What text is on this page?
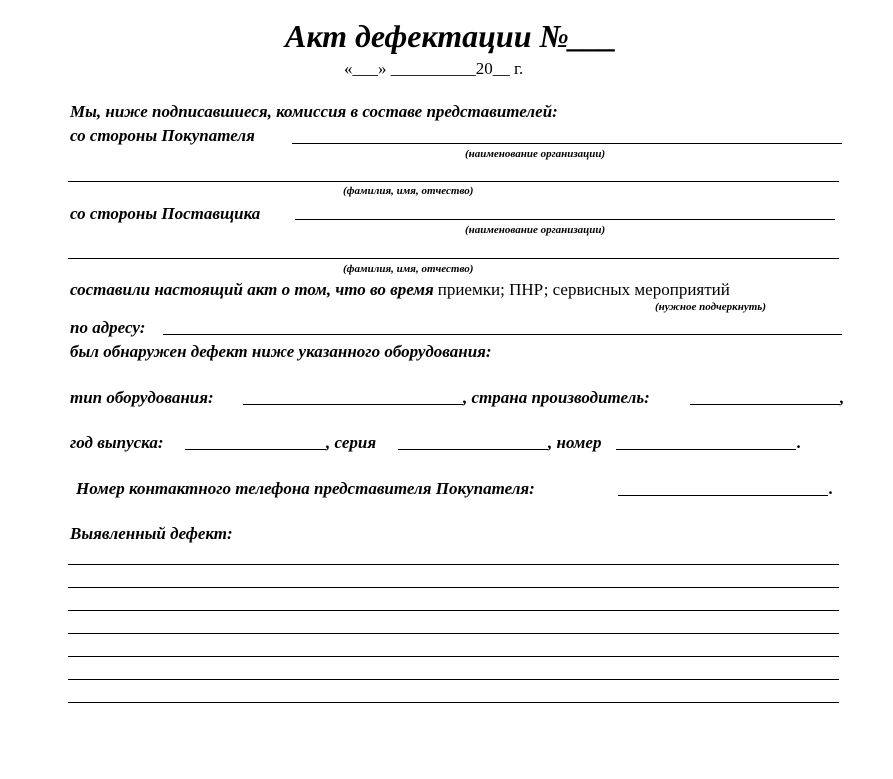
Акт дефектации №___
«___» __________20__ г.
Мы, ниже подписавшиеся, комиссия в составе представителей:
со стороны Покупателя
(наименование организации)
(фамилия, имя, отчество)
со стороны Поставщика
(наименование организации)
(фамилия, имя, отчество)
составили настоящий акт о том, что во время приемки; ПНР; сервисных мероприятий
(нужное подчеркнуть)
по адресу:
был обнаружен дефект ниже указанного оборудования:
тип оборудования:	, страна производитель:	,
год выпуска:	, серия	, номер	.
Номер контактного телефона представителя Покупателя:	.
Выявленный дефект:
